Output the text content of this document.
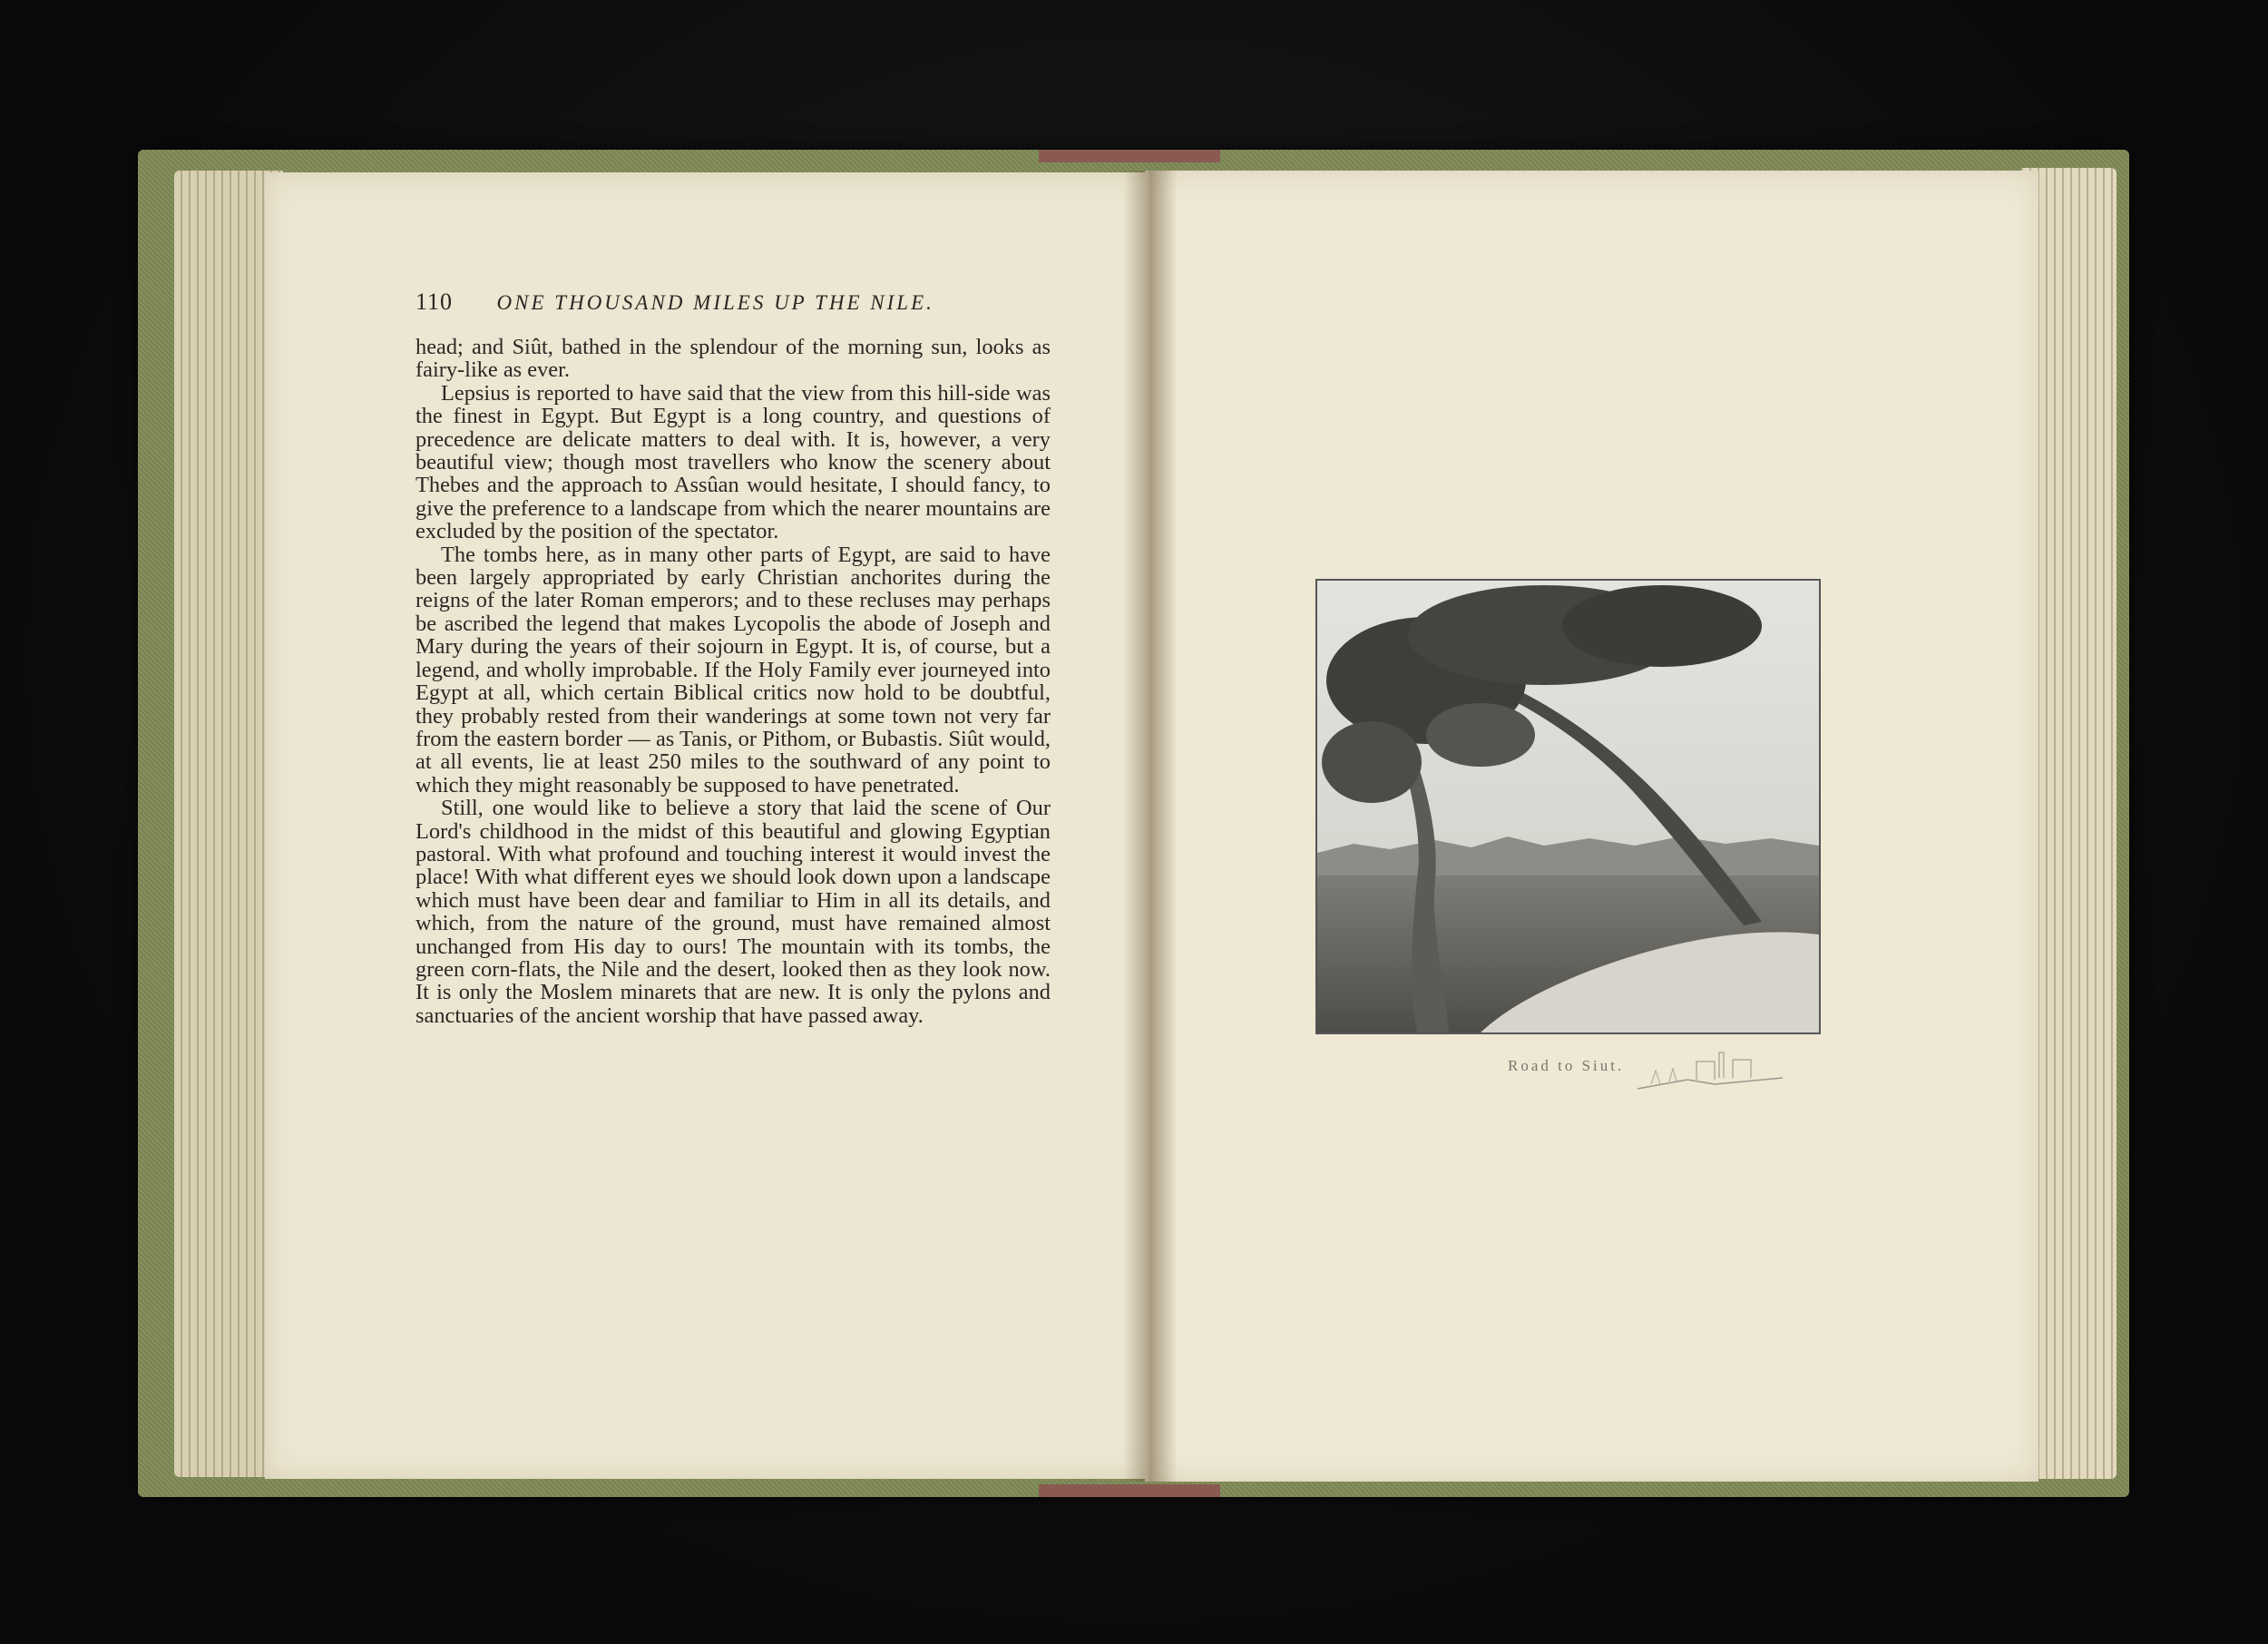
110 ONE THOUSAND MILES UP THE NILE.

head; and Siût, bathed in the splendour of the morning sun, looks as fairy-like as ever.

Lepsius is reported to have said that the view from this hill-side was the finest in Egypt. But Egypt is a long country, and questions of precedence are delicate matters to deal with. It is, however, a very beautiful view; though most travellers who know the scenery about Thebes and the approach to Assûan would hesitate, I should fancy, to give the preference to a landscape from which the nearer mountains are excluded by the position of the spectator.

The tombs here, as in many other parts of Egypt, are said to have been largely appropriated by early Christian anchorites during the reigns of the later Roman emperors; and to these recluses may perhaps be ascribed the legend that makes Lycopolis the abode of Joseph and Mary during the years of their sojourn in Egypt. It is, of course, but a legend, and wholly improbable. If the Holy Family ever journeyed into Egypt at all, which certain Biblical critics now hold to be doubtful, they probably rested from their wanderings at some town not very far from the eastern border — as Tanis, or Pithom, or Bubastis. Siût would, at all events, lie at least 250 miles to the southward of any point to which they might reasonably be supposed to have penetrated.

Still, one would like to believe a story that laid the scene of Our Lord's childhood in the midst of this beautiful and glowing Egyptian pastoral. With what profound and touching interest it would invest the place! With what different eyes we should look down upon a landscape which must have been dear and familiar to Him in all its details, and which, from the nature of the ground, must have remained almost unchanged from His day to ours! The mountain with its tombs, the green corn-flats, the Nile and the desert, looked then as they look now. It is only the Moslem minarets that are new. It is only the pylons and sanctuaries of the ancient worship that have passed away.

Road to Siut.
